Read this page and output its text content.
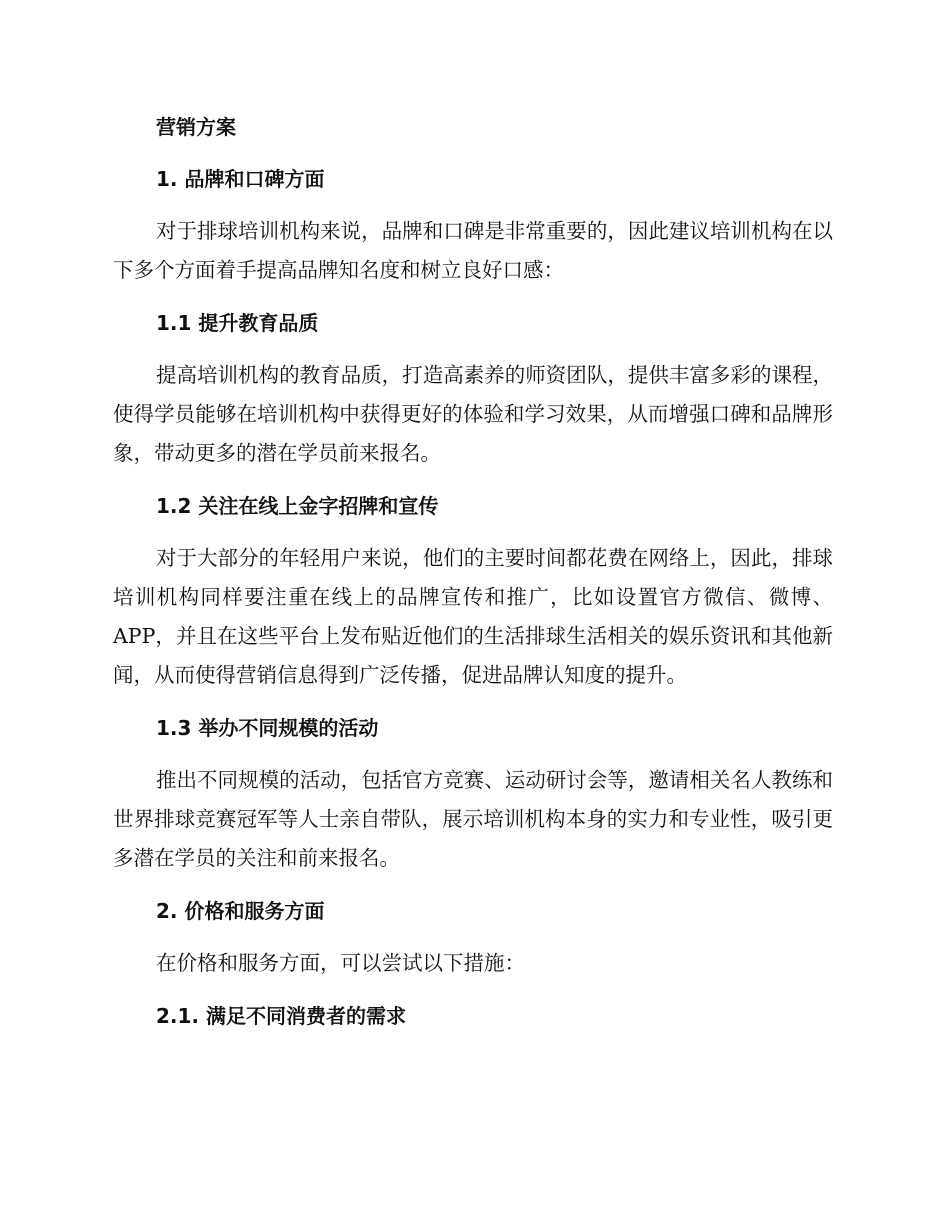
营销方案
1. 品牌和口碑方面
对于排球培训机构来说，品牌和口碑是非常重要的，因此建议培训机构在以下多个方面着手提高品牌知名度和树立良好口感：
1.1 提升教育品质
提高培训机构的教育品质，打造高素养的师资团队，提供丰富多彩的课程，使得学员能够在培训机构中获得更好的体验和学习效果，从而增强口碑和品牌形象，带动更多的潜在学员前来报名。
1.2 关注在线上金字招牌和宣传
对于大部分的年轻用户来说，他们的主要时间都花费在网络上，因此，排球培训机构同样要注重在线上的品牌宣传和推广，比如设置官方微信、微博、APP，并且在这些平台上发布贴近他们的生活排球生活相关的娱乐资讯和其他新闻，从而使得营销信息得到广泛传播，促进品牌认知度的提升。
1.3 举办不同规模的活动
推出不同规模的活动，包括官方竞赛、运动研讨会等，邀请相关名人教练和世界排球竞赛冠军等人士亲自带队，展示培训机构本身的实力和专业性，吸引更多潜在学员的关注和前来报名。
2. 价格和服务方面
在价格和服务方面，可以尝试以下措施：
2.1. 满足不同消费者的需求
